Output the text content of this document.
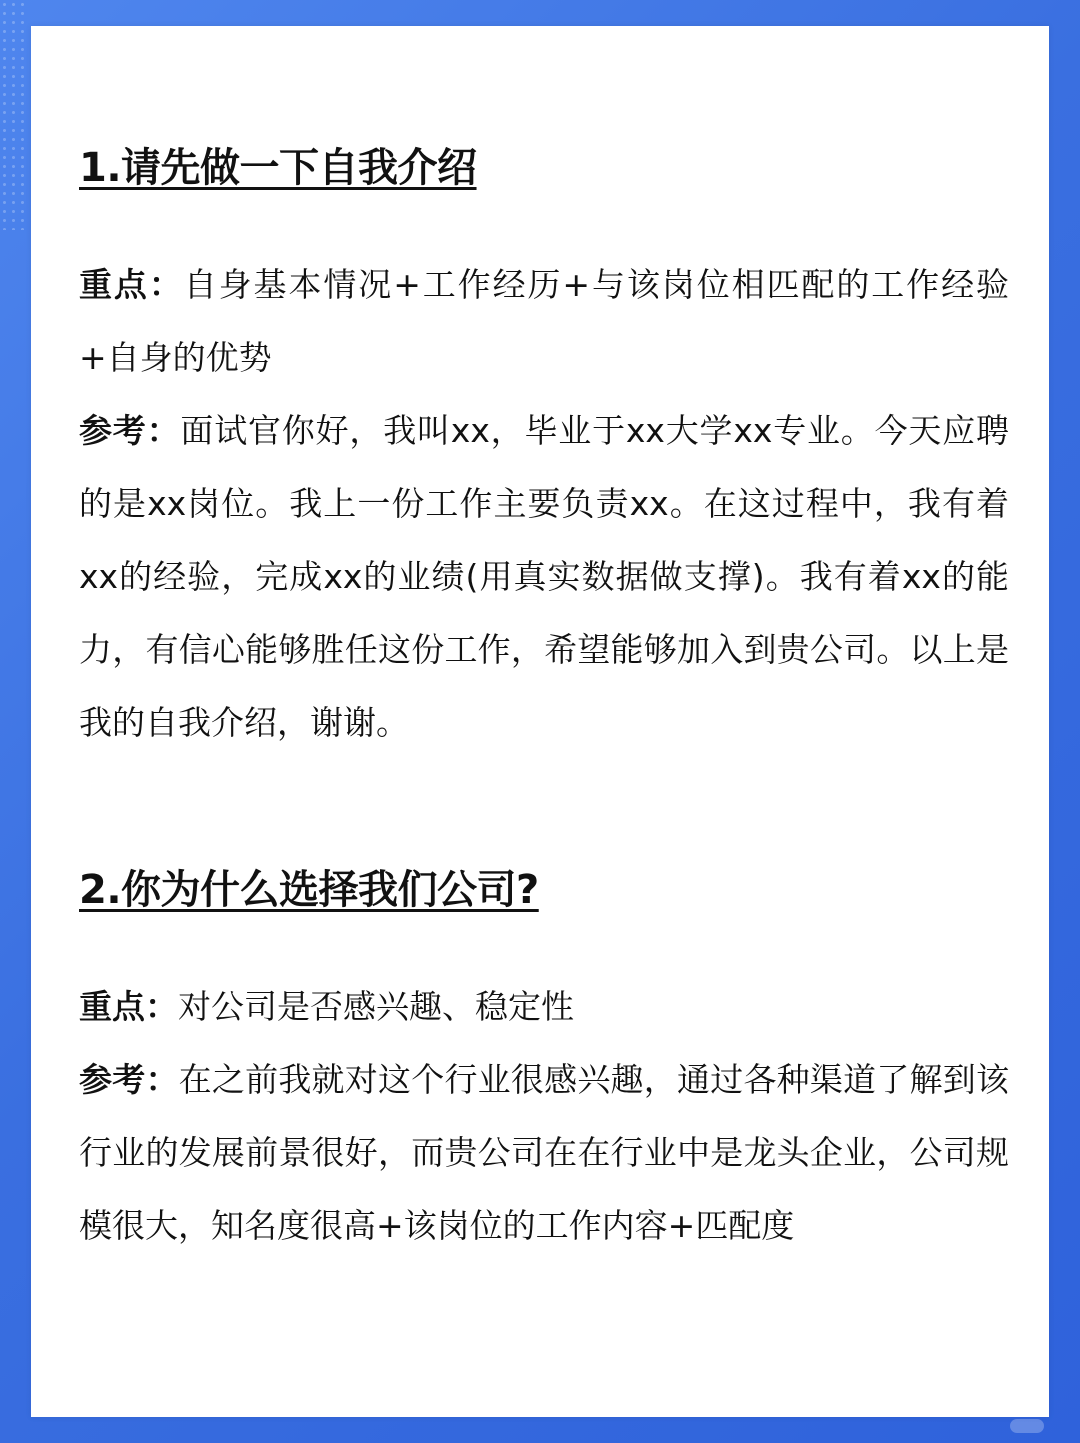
1.请先做一下自我介绍

重点：自身基本情况+工作经历+与该岗位相匹配的工作经验+自身的优势

参考：面试官你好，我叫xx，毕业于xx大学xx专业。今天应聘的是xx岗位。我上一份工作主要负责xx。在这过程中，我有着xx的经验，完成xx的业绩(用真实数据做支撑)。我有着xx的能力，有信心能够胜任这份工作，希望能够加入到贵公司。以上是我的自我介绍，谢谢。

2.你为什么选择我们公司?

重点：对公司是否感兴趣、稳定性

参考：在之前我就对这个行业很感兴趣，通过各种渠道了解到该行业的发展前景很好，而贵公司在在行业中是龙头企业，公司规模很大，知名度很高+该岗位的工作内容+匹配度
